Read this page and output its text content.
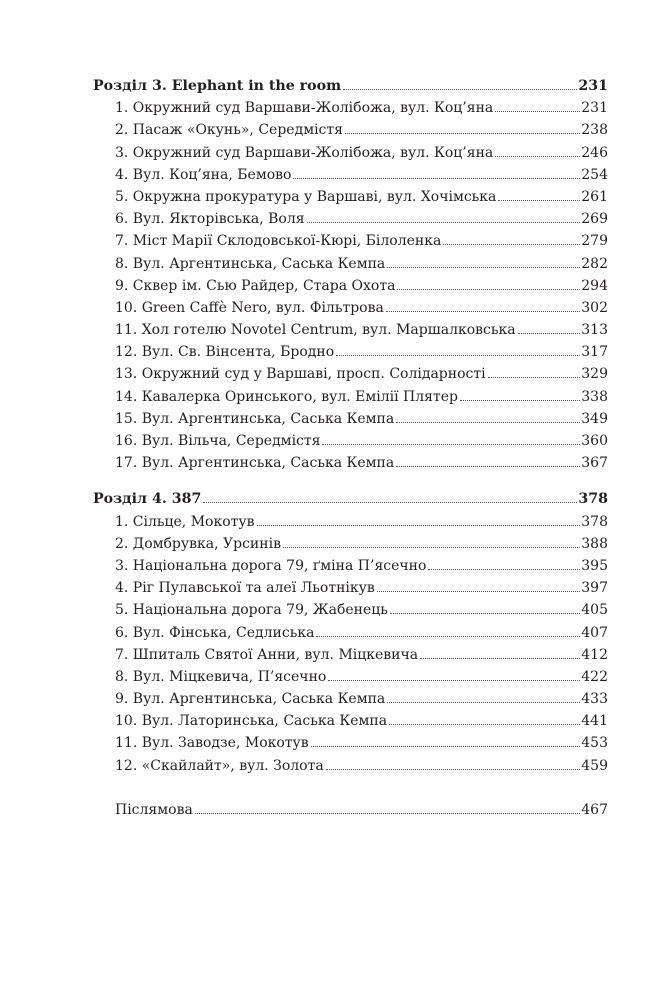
Розділ 3. Elephant in the room	231
1. Окружний суд Варшави-Жолібожа, вул. Коц’яна	231
2. Пасаж «Окунь», Середмістя	238
3. Окружний суд Варшави-Жолібожа, вул. Коц’яна	246
4. Вул. Коц’яна, Бемово	254
5. Окружна прокуратура у Варшаві, вул. Хочімська	261
6. Вул. Якторівська, Воля	269
7. Міст Марії Склодовської-Кюрі, Білоленка	279
8. Вул. Аргентинська, Саська Кемпа	282
9. Сквер ім. Сью Райдер, Стара Охота	294
10. Green Caffè Nero, вул. Фільтрова	302
11. Хол готелю Novotel Centrum, вул. Маршалковська	313
12. Вул. Св. Вінсента, Бродно	317
13. Окружний суд у Варшаві, просп. Солідарності	329
14. Кавалерка Оринського, вул. Емілії Плятер	338
15. Вул. Аргентинська, Саська Кемпа	349
16. Вул. Вільча, Середмістя	360
17. Вул. Аргентинська, Саська Кемпа	367
Розділ 4. 387	378
1. Сільце, Мокотув	378
2. Домбрувка, Урсинів	388
3. Національна дорога 79, ґміна П’ясечно	395
4. Ріг Пулавської та алеї Льотнікув	397
5. Національна дорога 79, Жабенець	405
6. Вул. Фінська, Седлиська	407
7. Шпиталь Святої Анни, вул. Міцкевича	412
8. Вул. Міцкевича, П’ясечно	422
9. Вул. Аргентинська, Саська Кемпа	433
10. Вул. Латоринська, Саська Кемпа	441
11. Вул. Заводзе, Мокотув	453
12. «Скайлайт», вул. Золота	459
Післямова	467
